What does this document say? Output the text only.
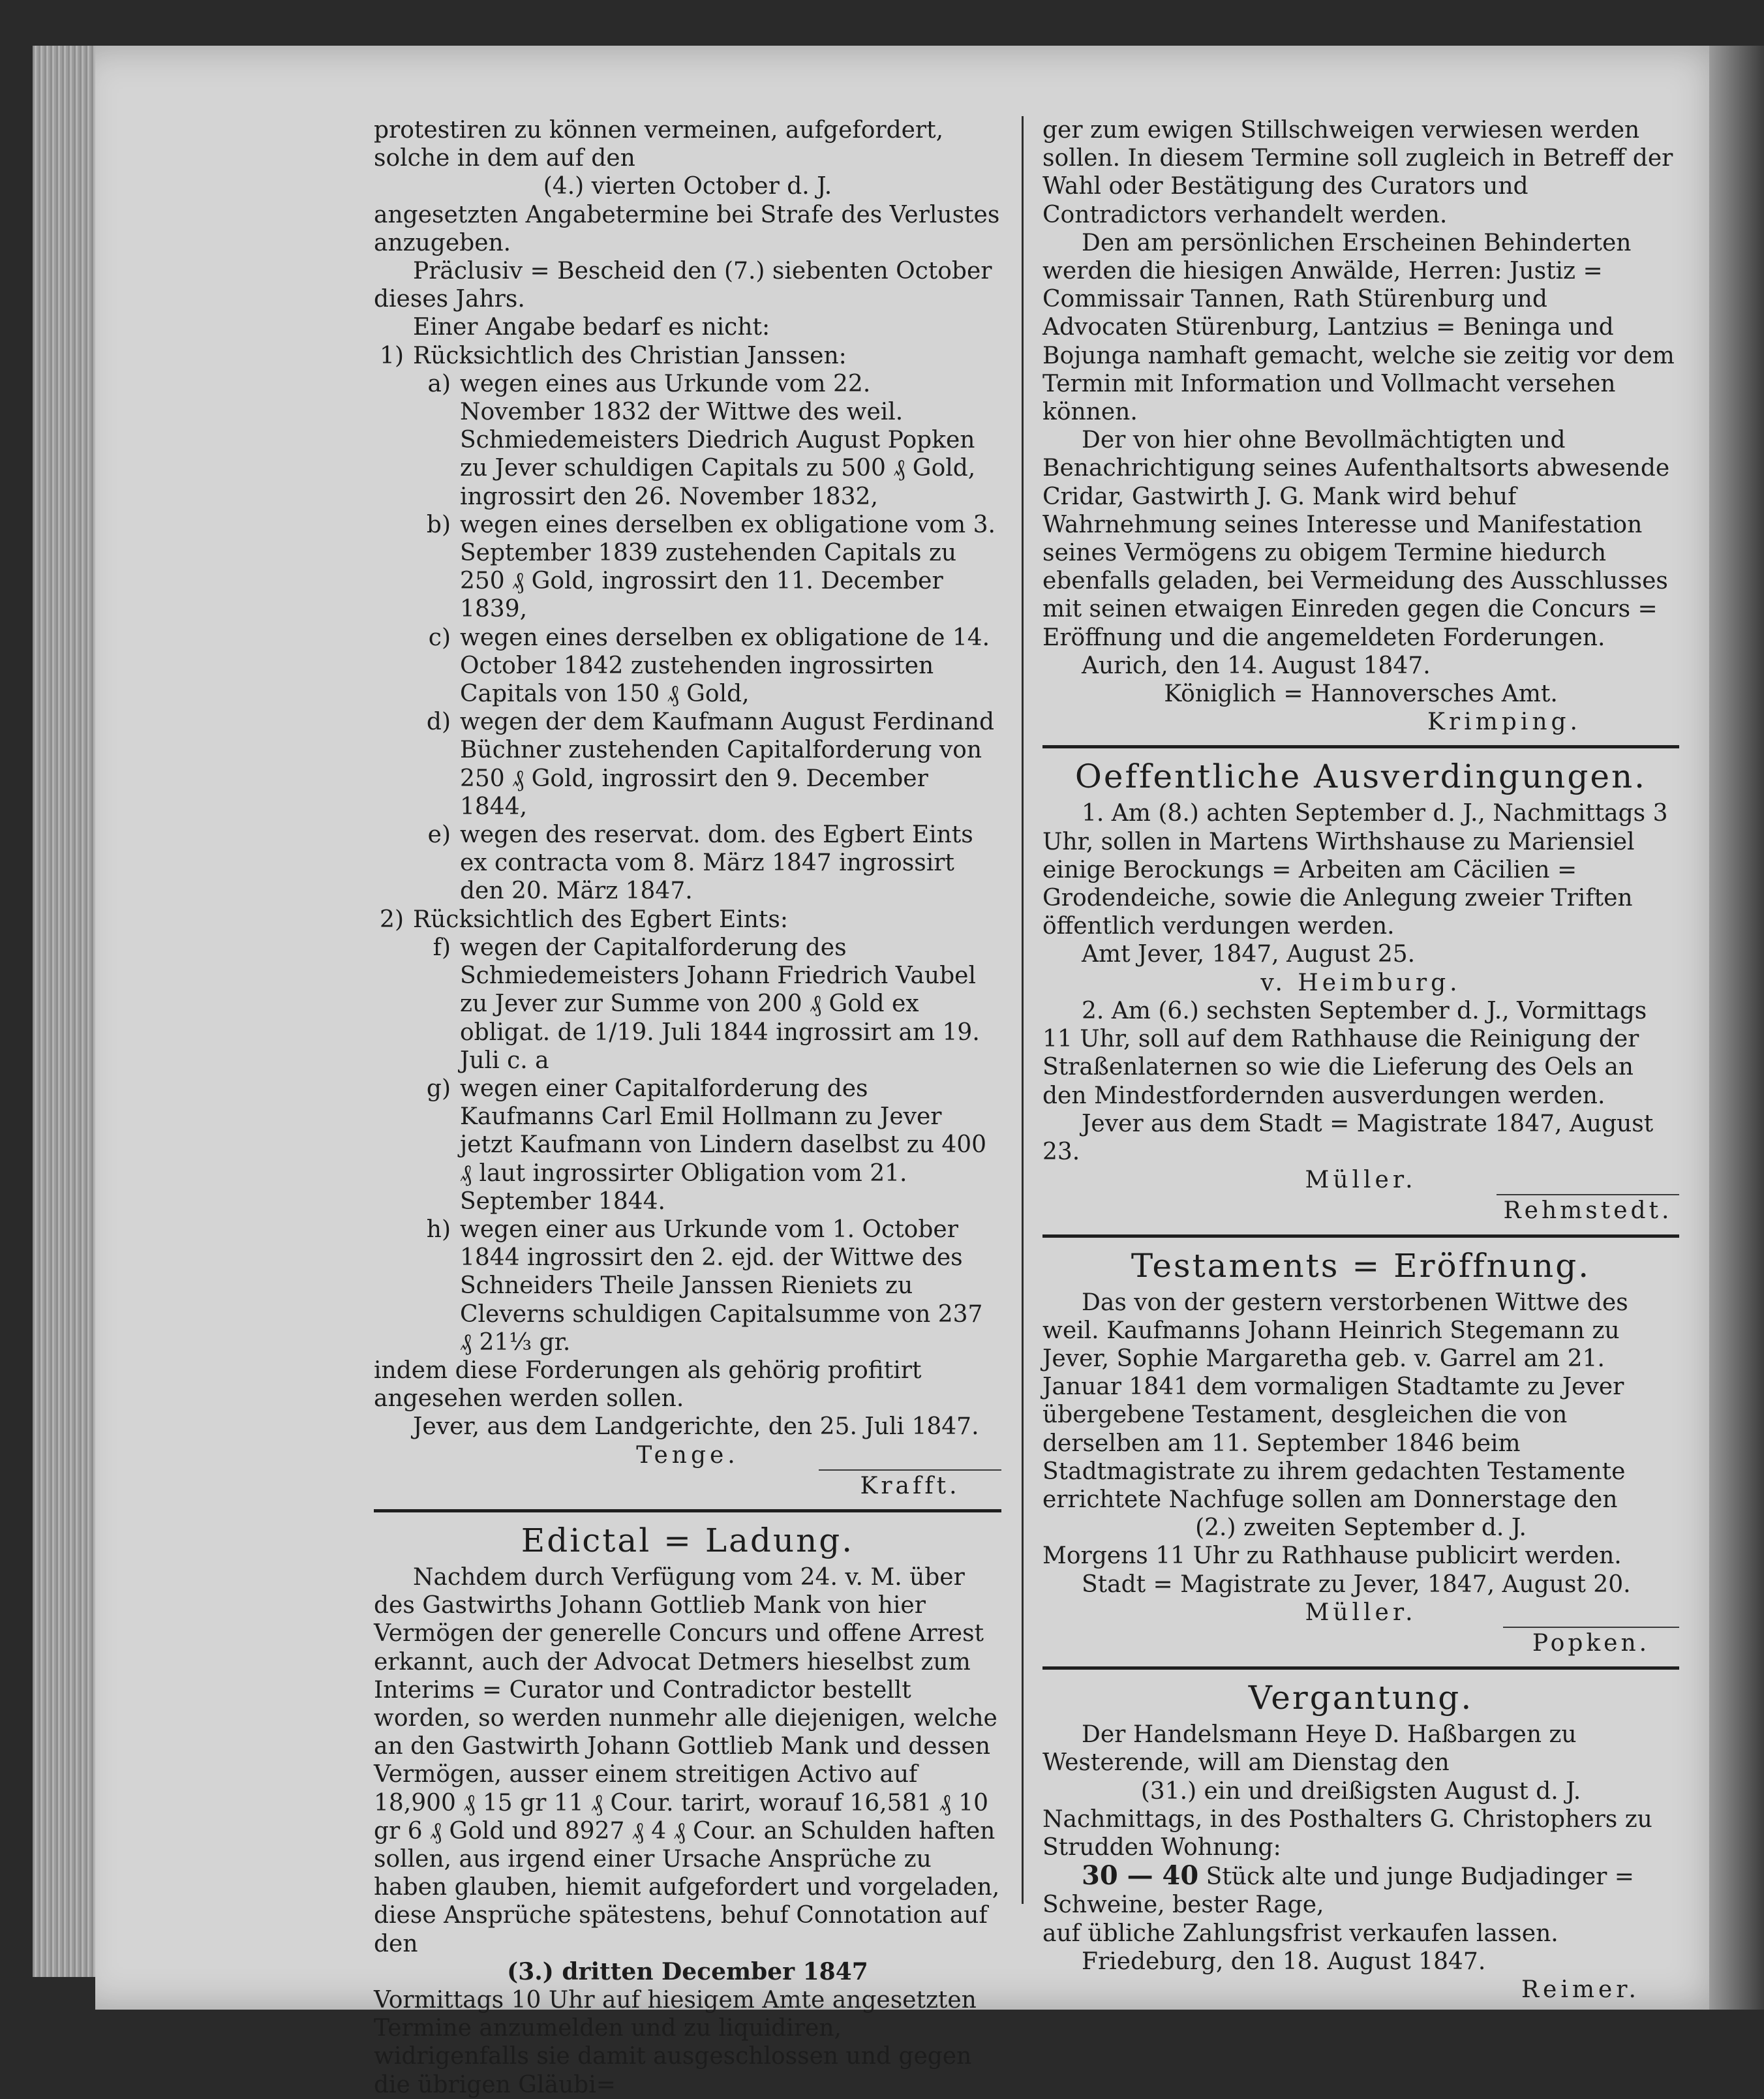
protestiren zu können vermeinen, aufgefordert, solche in dem auf den

(4.) vierten October d. J.

angesetzten Angabetermine bei Strafe des Verlustes anzugeben.

Präclusiv = Bescheid den (7.) siebenten October dieses Jahrs.

Einer Angabe bedarf es nicht:

1) Rücksichtlich des Christian Janssen:
a) wegen eines aus Urkunde vom 22. November 1832 der Wittwe des weil. Schmiedemeisters Diedrich August Popken zu Jever schuldigen Capitals zu 500 ₰ Gold, ingrossirt den 26. November 1832,
b) wegen eines derselben ex obligatione vom 3. September 1839 zustehenden Capitals zu 250 ₰ Gold, ingrossirt den 11. December 1839,
c) wegen eines derselben ex obligatione de 14. October 1842 zustehenden ingrossirten Capitals von 150 ₰ Gold,
d) wegen der dem Kaufmann August Ferdinand Büchner zustehenden Capitalforderung von 250 ₰ Gold, ingrossirt den 9. December 1844,
e) wegen des reservat. dom. des Egbert Eints ex contracta vom 8. März 1847 ingrossirt den 20. März 1847.
2) Rücksichtlich des Egbert Eints:
f) wegen der Capitalforderung des Schmiedemeisters Johann Friedrich Vaubel zu Jever zur Summe von 200 ₰ Gold ex obligat. de 1/19. Juli 1844 ingrossirt am 19. Juli c. a
g) wegen einer Capitalforderung des Kaufmanns Carl Emil Hollmann zu Jever jetzt Kaufmann von Lindern daselbst zu 400 ₰ laut ingrossirter Obligation vom 21. September 1844.
h) wegen einer aus Urkunde vom 1. October 1844 ingrossirt den 2. ejd. der Wittwe des Schneiders Theile Janssen Rieniets zu Cleverns schuldigen Capitalsumme von 237 ₰ 21⅓ gr.

indem diese Forderungen als gehörig profitirt angesehen werden sollen.

Jever, aus dem Landgerichte, den 25. Juli 1847.

Tenge.

Krafft.
Edictal = Ladung.

Nachdem durch Verfügung vom 24. v. M. über des Gastwirths Johann Gottlieb Mank von hier Vermögen der generelle Concurs und offene Arrest erkannt, auch der Advocat Detmers hieselbst zum Interims = Curator und Contradictor bestellt worden, so werden nunmehr alle diejenigen, welche an den Gastwirth Johann Gottlieb Mank und dessen Vermögen, ausser einem streitigen Activo auf 18,900 ₰ 15 gr 11 ₰ Cour. tarirt, worauf 16,581 ₰ 10 gr 6 ₰ Gold und 8927 ₰ 4 ₰ Cour. an Schulden haften sollen, aus irgend einer Ursache Ansprüche zu haben glauben, hiemit aufgefordert und vorgeladen, diese Ansprüche spätestens, behuf Connotation auf den

(3.) dritten December 1847

Vormittags 10 Uhr auf hiesigem Amte angesetzten Termine anzumelden und zu liquidiren, widrigenfalls sie damit ausgeschlossen und gegen die übrigen Gläubi=

ger zum ewigen Stillschweigen verwiesen werden sollen. In diesem Termine soll zugleich in Betreff der Wahl oder Bestätigung des Curators und Contradictors verhandelt werden.

Den am persönlichen Erscheinen Behinderten werden die hiesigen Anwälde, Herren: Justiz = Commissair Tannen, Rath Stürenburg und Advocaten Stürenburg, Lantzius = Beninga und Bojunga namhaft gemacht, welche sie zeitig vor dem Termin mit Information und Vollmacht versehen können.

Der von hier ohne Bevollmächtigten und Benachrichtigung seines Aufenthaltsorts abwesende Cridar, Gastwirth J. G. Mank wird behuf Wahrnehmung seines Interesse und Manifestation seines Vermögens zu obigem Termine hiedurch ebenfalls geladen, bei Vermeidung des Ausschlusses mit seinen etwaigen Einreden gegen die Concurs = Eröffnung und die angemeldeten Forderungen.

Aurich, den 14. August 1847.

Königlich = Hannoversches Amt.

Krimping.

Oeffentliche Ausverdingungen.

1. Am (8.) achten September d. J., Nachmittags 3 Uhr, sollen in Martens Wirthshause zu Mariensiel einige Berockungs = Arbeiten am Cäcilien = Grodendeiche, sowie die Anlegung zweier Triften öffentlich verdungen werden.

Amt Jever, 1847, August 25.

v. Heimburg.

2. Am (6.) sechsten September d. J., Vormittags 11 Uhr, soll auf dem Rathhause die Reinigung der Straßenlaternen so wie die Lieferung des Oels an den Mindestfordernden ausverdungen werden.

Jever aus dem Stadt = Magistrate 1847, August 23.

Müller.

Rehmstedt.
Testaments = Eröffnung.

Das von der gestern verstorbenen Wittwe des weil. Kaufmanns Johann Heinrich Stegemann zu Jever, Sophie Margaretha geb. v. Garrel am 21. Januar 1841 dem vormaligen Stadtamte zu Jever übergebene Testament, desgleichen die von derselben am 11. September 1846 beim Stadtmagistrate zu ihrem gedachten Testamente errichtete Nachfuge sollen am Donnerstage den

(2.) zweiten September d. J.

Morgens 11 Uhr zu Rathhause publicirt werden.

Stadt = Magistrate zu Jever, 1847, August 20.

Müller.

Popken.
Vergantung.

Der Handelsmann Heye D. Haßbargen zu Westerende, will am Dienstag den

(31.) ein und dreißigsten August d. J.

Nachmittags, in des Posthalters G. Christophers zu Strudden Wohnung:

30 — 40 Stück alte und junge Budjadinger = Schweine, bester Rage,

auf übliche Zahlungsfrist verkaufen lassen.

Friedeburg, den 18. August 1847.

Reimer.
